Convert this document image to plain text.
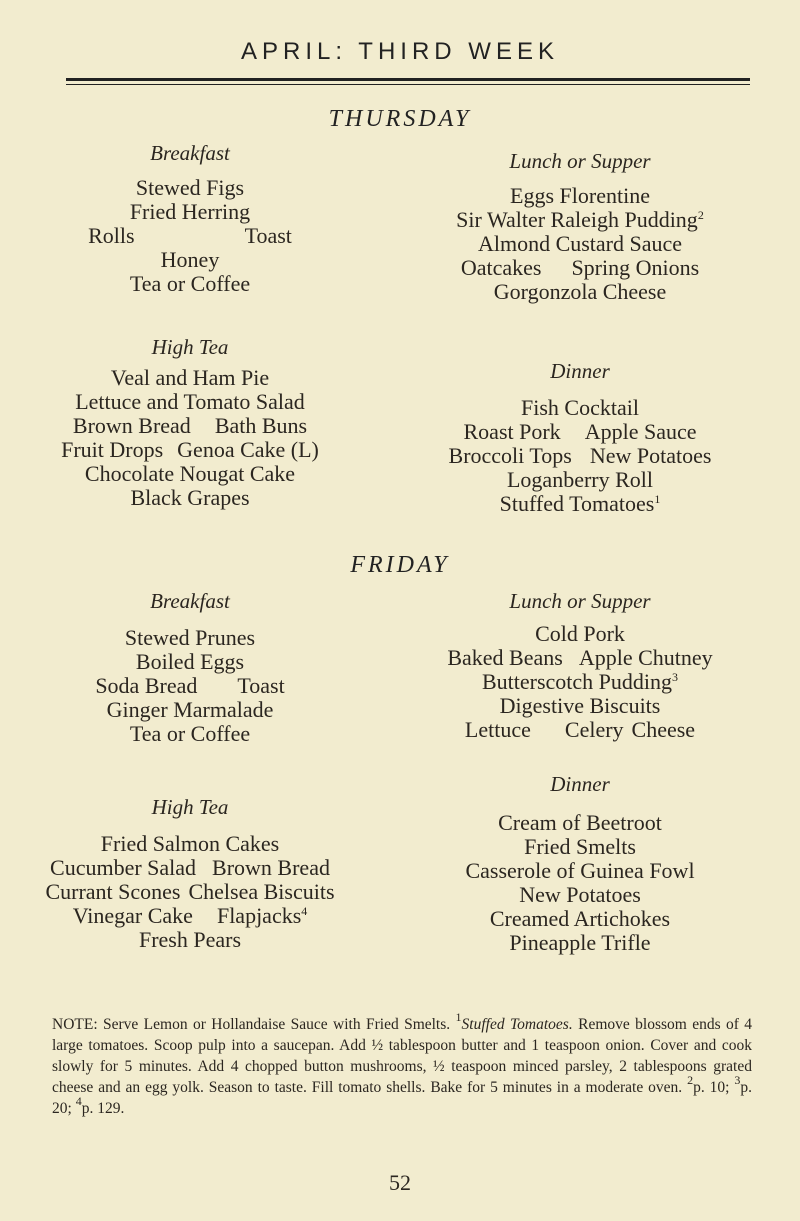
APRIL: THIRD WEEK
THURSDAY
Breakfast
Stewed Figs
Fried Herring
Rolls	Toast
Honey
Tea or Coffee
Lunch or Supper
Eggs Florentine
Sir Walter Raleigh Pudding$^2$
Almond Custard Sauce
Oatcakes Spring Onions
Gorgonzola Cheese
High Tea
Veal and Ham Pie
Lettuce and Tomato Salad
Brown Bread Bath Buns
Fruit Drops Genoa Cake (L)
Chocolate Nougat Cake
Black Grapes
Dinner
Fish Cocktail
Roast Pork Apple Sauce
Broccoli Tops New Potatoes
Loganberry Roll
Stuffed Tomatoes$^1$
FRIDAY
Breakfast
Stewed Prunes
Boiled Eggs
Soda Bread Toast
Ginger Marmalade
Tea or Coffee
Lunch or Supper
Cold Pork
Baked Beans Apple Chutney
Butterscotch Pudding$^3$
Digestive Biscuits
Lettuce Celery Cheese
High Tea
Fried Salmon Cakes
Cucumber Salad Brown Bread
Currant Scones Chelsea Biscuits
Vinegar Cake Flapjacks$^4$
Fresh Pears
Dinner
Cream of Beetroot
Fried Smelts
Casserole of Guinea Fowl
New Potatoes
Creamed Artichokes
Pineapple Trifle
NOTE: Serve Lemon or Hollandaise Sauce with Fried Smelts. $^1$Stuffed Tomatoes. Remove blossom ends of 4 large tomatoes. Scoop pulp into a saucepan. Add ½ tablespoon butter and 1 teaspoon onion. Cover and cook slowly for 5 minutes. Add 4 chopped button mushrooms, ½ teaspoon minced parsley, 2 tablespoons grated cheese and an egg yolk. Season to taste. Fill tomato shells. Bake for 5 minutes in a moderate oven. $^2$p. 10; $^3$p. 20; $^4$p. 129.
52
